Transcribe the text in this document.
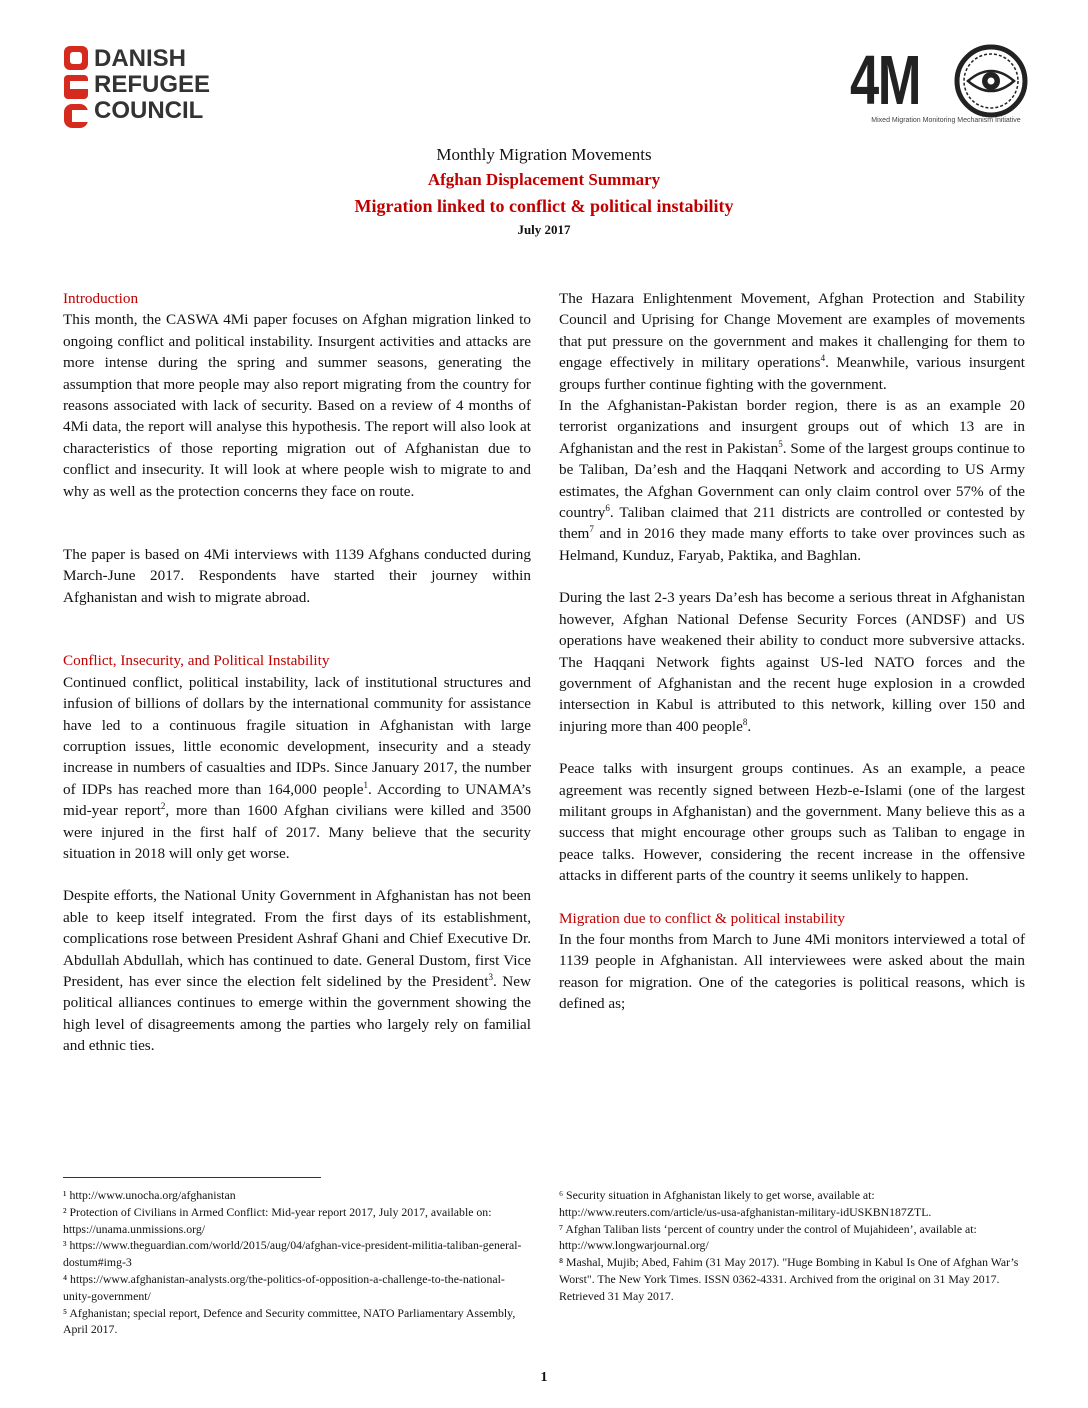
DANISH
REFUGEE
COUNCIL	4M
Mixed Migration Monitoring Mechanism Initiative
Monthly Migration Movements
Afghan Displacement Summary
Migration linked to conflict & political instability
July 2017

Introduction

This month, the CASWA 4Mi paper focuses on Afghan migration linked to ongoing conflict and political instability. Insurgent activities and attacks are more intense during the spring and summer seasons, generating the assumption that more people may also report migrating from the country for reasons associated with lack of security. Based on a review of 4 months of 4Mi data, the report will analyse this hypothesis. The report will also look at characteristics of those reporting migration out of Afghanistan due to conflict and insecurity. It will look at where people wish to migrate to and why as well as the protection concerns they face on route.

The paper is based on 4Mi interviews with 1139 Afghans conducted during March-June 2017. Respondents have started their journey within Afghanistan and wish to migrate abroad.

Conflict, Insecurity, and Political Instability

Continued conflict, political instability, lack of institutional structures and infusion of billions of dollars by the international community for assistance have led to a continuous fragile situation in Afghanistan with large corruption issues, little economic development, insecurity and a steady increase in numbers of casualties and IDPs. Since January 2017, the number of IDPs has reached more than 164,000 people$^1$. According to UNAMA’s mid-year report$^2$, more than 1600 Afghan civilians were killed and 3500 were injured in the first half of 2017. Many believe that the security situation in 2018 will only get worse.

Despite efforts, the National Unity Government in Afghanistan has not been able to keep itself integrated. From the first days of its establishment, complications rose between President Ashraf Ghani and Chief Executive Dr. Abdullah Abdullah, which has continued to date. General Dustom, first Vice President, has ever since the election felt sidelined by the President$^3$. New political alliances continues to emerge within the government showing the high level of disagreements among the parties who largely rely on familial and ethnic ties.

The Hazara Enlightenment Movement, Afghan Protection and Stability Council and Uprising for Change Movement are examples of movements that put pressure on the government and makes it challenging for them to engage effectively in military operations$^4$. Meanwhile, various insurgent groups further continue fighting with the government.

In the Afghanistan-Pakistan border region, there is as an example 20 terrorist organizations and insurgent groups out of which 13 are in Afghanistan and the rest in Pakistan$^5$. Some of the largest groups continue to be Taliban, Da’esh and the Haqqani Network and according to US Army estimates, the Afghan Government can only claim control over 57% of the country$^6$. Taliban claimed that 211 districts are controlled or contested by them$^7$ and in 2016 they made many efforts to take over provinces such as Helmand, Kunduz, Faryab, Paktika, and Baghlan.

During the last 2-3 years Da’esh has become a serious threat in Afghanistan however, Afghan National Defense Security Forces (ANDSF) and US operations have weakened their ability to conduct more subversive attacks. The Haqqani Network fights against US-led NATO forces and the government of Afghanistan and the recent huge explosion in a crowded intersection in Kabul is attributed to this network, killing over 150 and injuring more than 400 people$^8$.

Peace talks with insurgent groups continues. As an example, a peace agreement was recently signed between Hezb-e-Islami (one of the largest militant groups in Afghanistan) and the government. Many believe this as a success that might encourage other groups such as Taliban to engage in peace talks. However, considering the recent increase in the offensive attacks in different parts of the country it seems unlikely to happen.

Migration due to conflict & political instability

In the four months from March to June 4Mi monitors interviewed a total of 1139 people in Afghanistan. All interviewees were asked about the main reason for migration. One of the categories is political reasons, which is defined as;

¹ http://www.unocha.org/afghanistan

² Protection of Civilians in Armed Conflict: Mid-year report 2017, July 2017, available on: https://unama.unmissions.org/

³ https://www.theguardian.com/world/2015/aug/04/afghan-vice-president-militia-taliban-general-dostum#img-3

⁴ https://www.afghanistan-analysts.org/the-politics-of-opposition-a-challenge-to-the-national-unity-government/

⁵ Afghanistan; special report, Defence and Security committee, NATO Parliamentary Assembly, April 2017.

⁶ Security situation in Afghanistan likely to get worse, available at: http://www.reuters.com/article/us-usa-afghanistan-military-idUSKBN187ZTL.

⁷ Afghan Taliban lists ‘percent of country under the control of Mujahideen’, available at: http://www.longwarjournal.org/

⁸ Mashal, Mujib; Abed, Fahim (31 May 2017). "Huge Bombing in Kabul Is One of Afghan War’s Worst". The New York Times. ISSN 0362-4331. Archived from the original on 31 May 2017. Retrieved 31 May 2017.

1
